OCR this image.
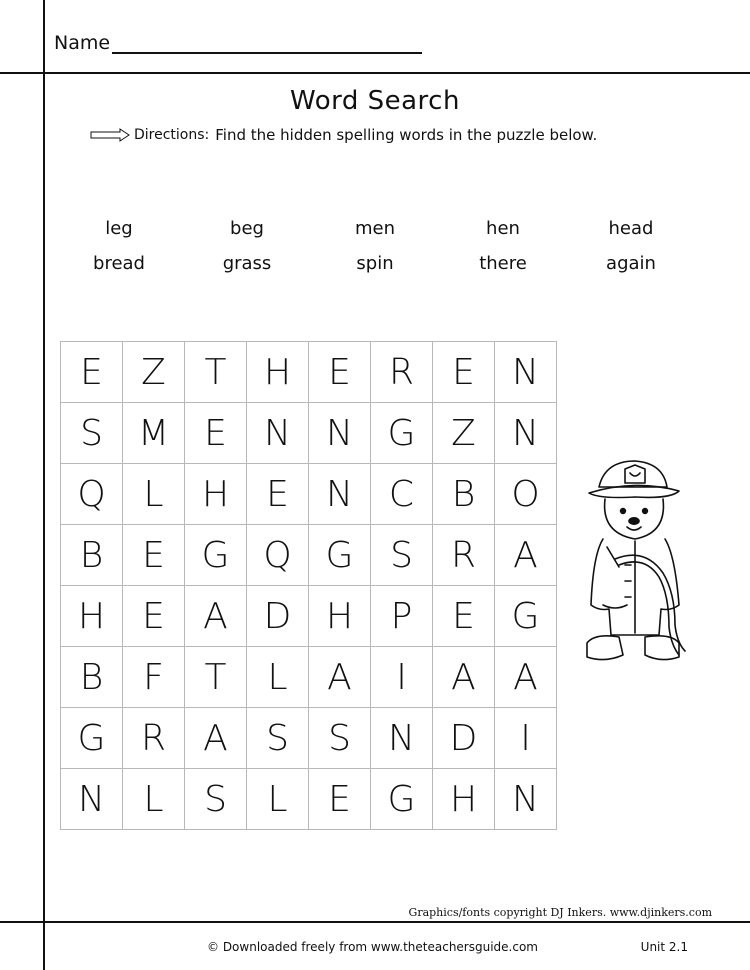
Name
Word Search
Directions: Find the hidden spelling words in the puzzle below.
leg	beg	men	hen	head
bread	grass	spin	there	again
E	Z	T	H	E	R	E	N
S	M	E	N	N	G	Z	N
Q	L	H	E	N	C	B	O
B	E	G	Q	G	S	R	A
H	E	A	D	H	P	E	G
B	F	T	L	A	I	A	A
G	R	A	S	S	N	D	I
N	L	S	L	E	G	H	N
Graphics/fonts copyright DJ Inkers. www.djinkers.com
© Downloaded freely from www.theteachersguide.com	Unit 2.1
